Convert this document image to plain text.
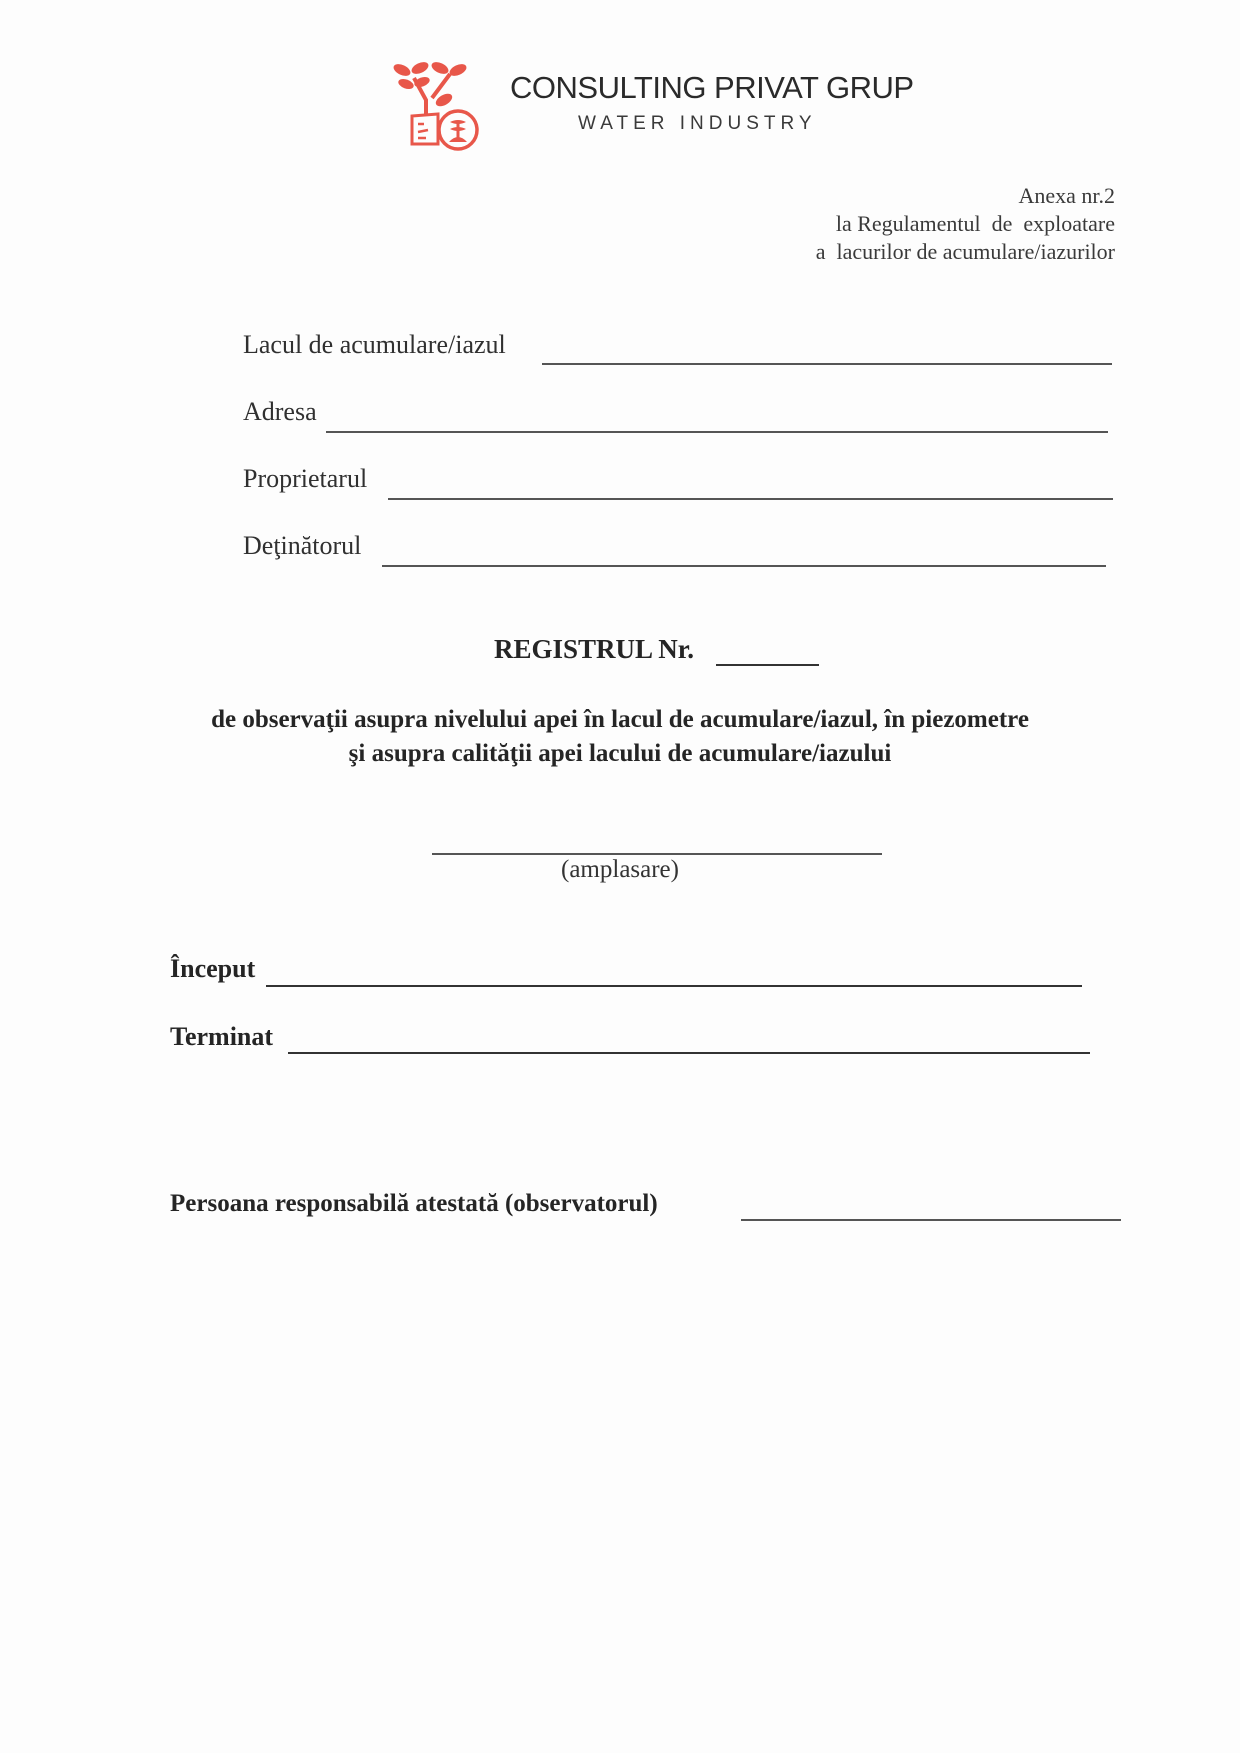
CONSULTING PRIVAT GRUP
WATER INDUSTRY
Anexa nr.2
la Regulamentul  de  exploatare
a  lacurilor de acumulare/iazurilor
Lacul de acumulare/iazul
Adresa
Proprietarul
Deţinătorul
REGISTRUL Nr.
de observaţii asupra nivelului apei în lacul de acumulare/iazul, în piezometre
şi asupra calităţii apei lacului de acumulare/iazului
(amplasare)
Început
Terminat
Persoana responsabilă atestată (observatorul)
